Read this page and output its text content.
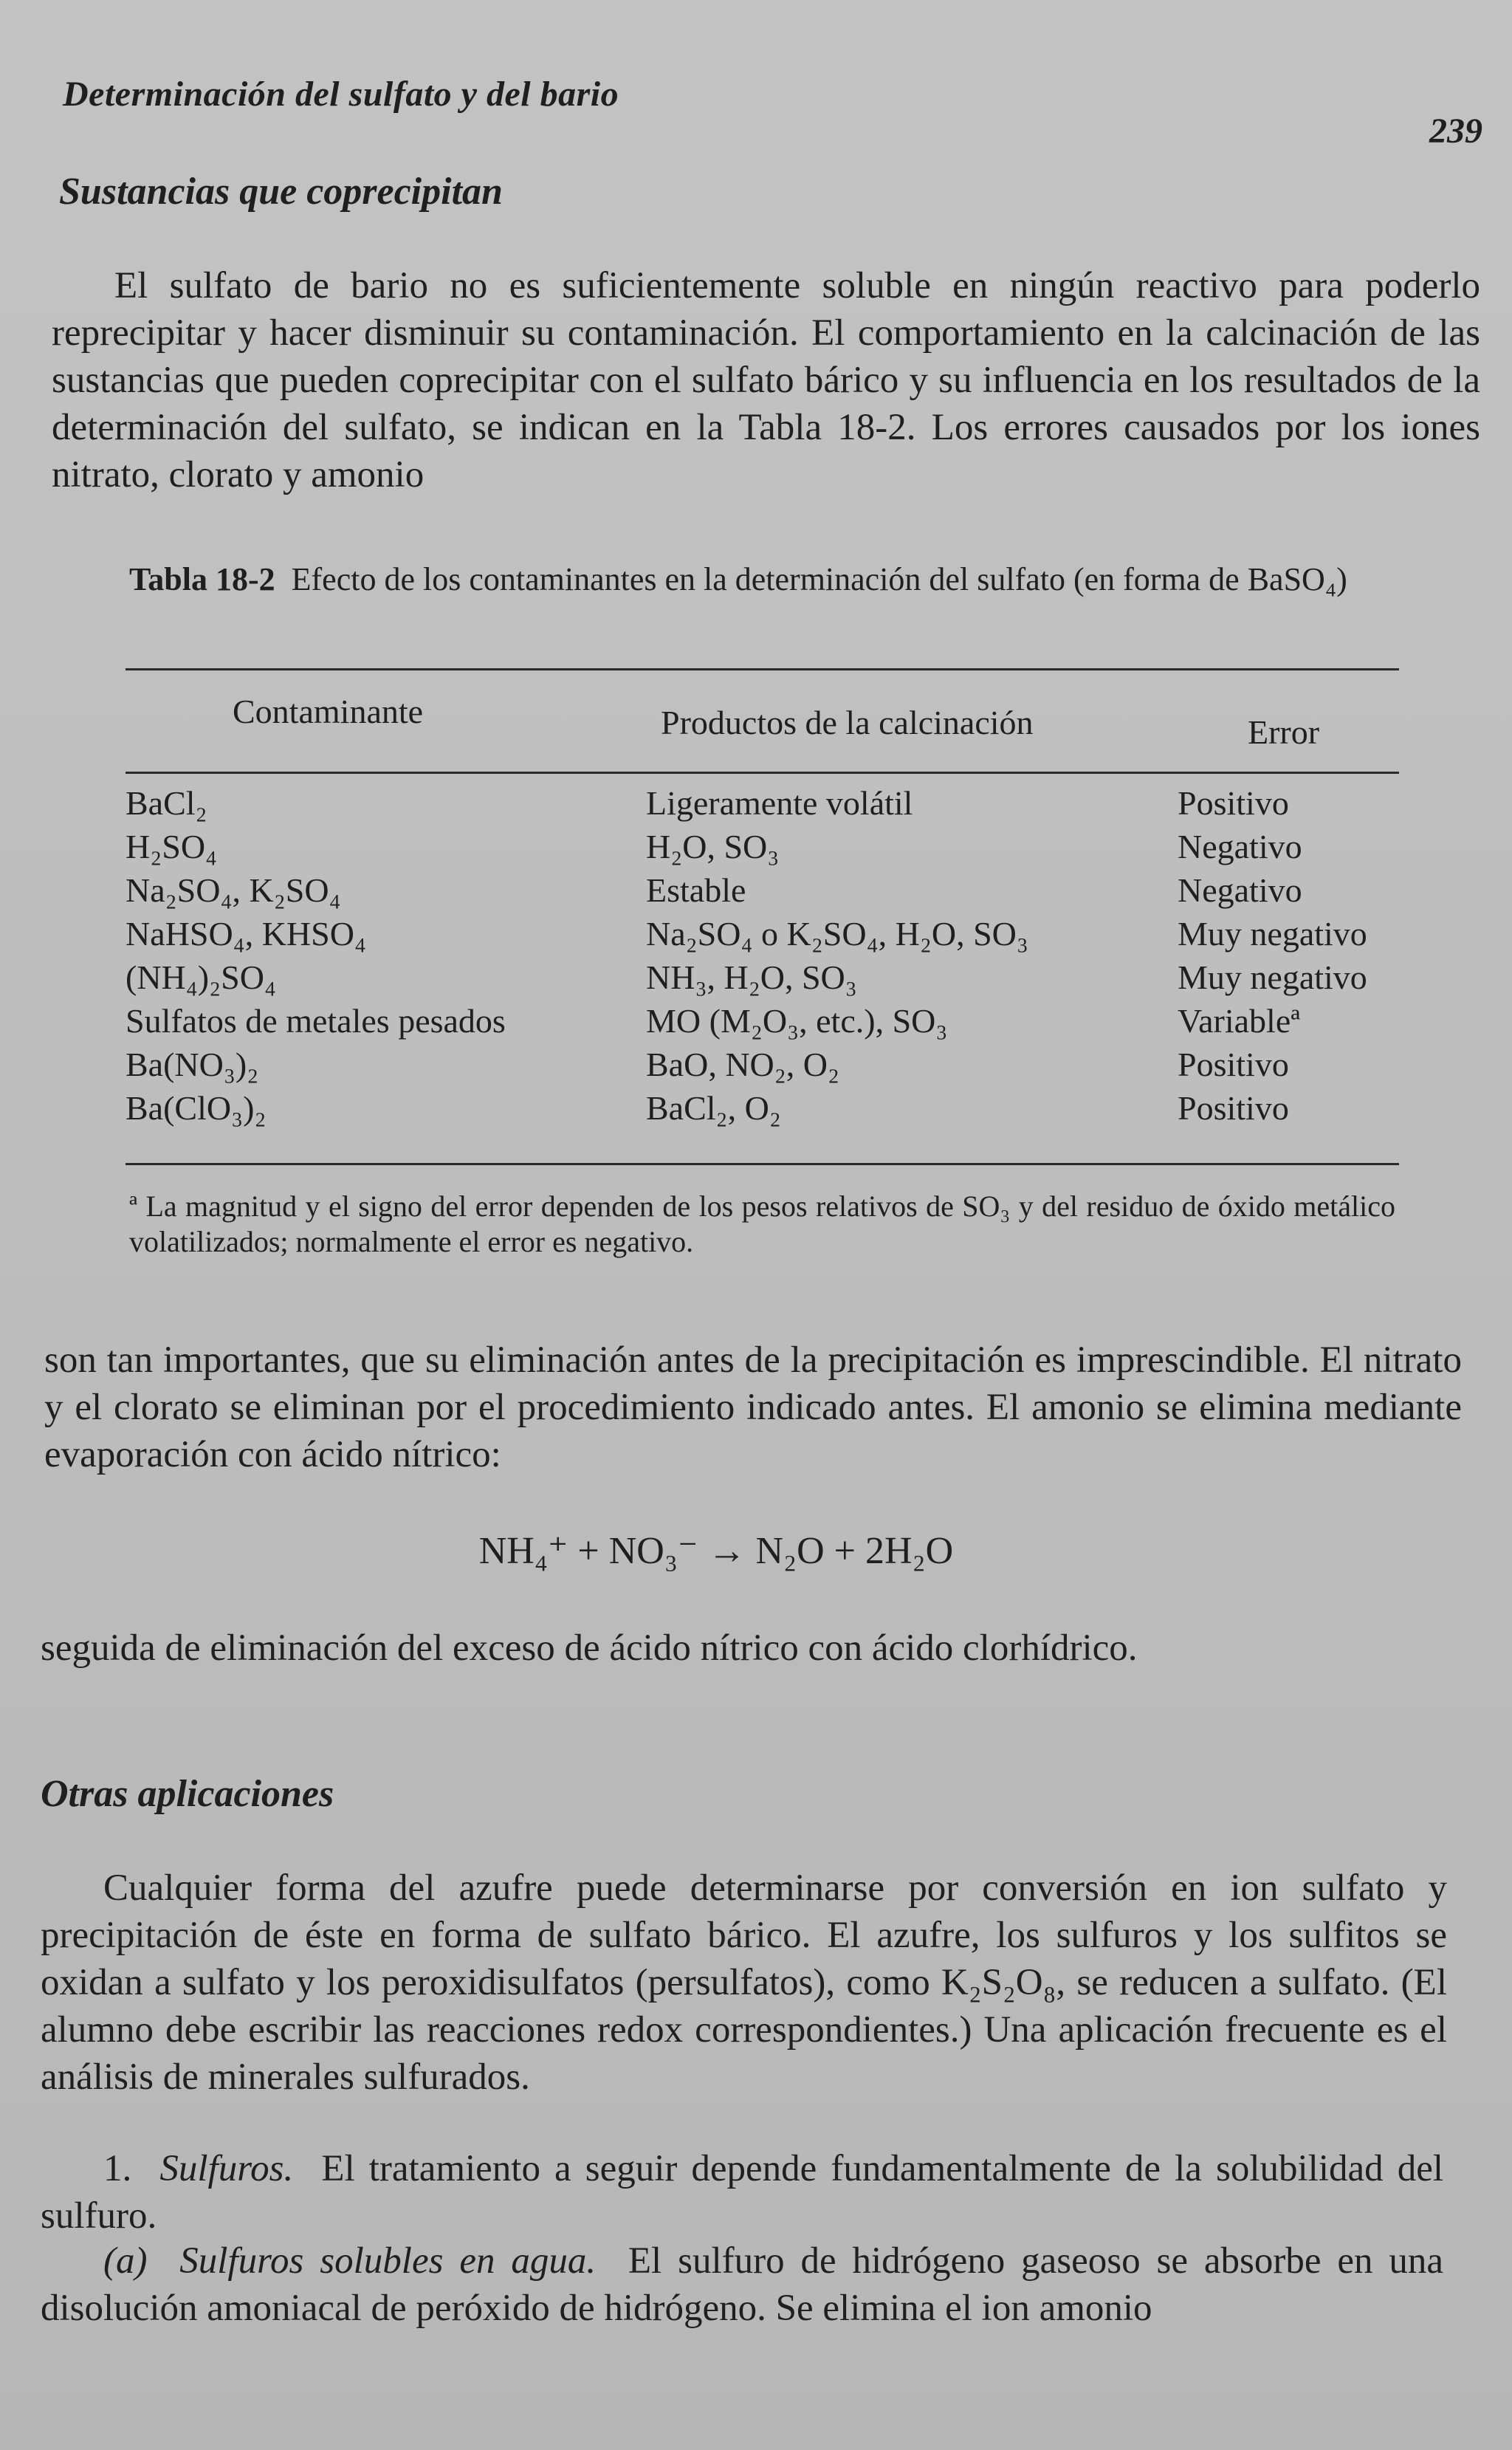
Determinación del sulfato y del bario
239
Sustancias que coprecipitan
El sulfato de bario no es suficientemente soluble en ningún reactivo para poderlo reprecipitar y hacer disminuir su contaminación. El comportamiento en la calcinación de las sustancias que pueden coprecipitar con el sulfato bárico y su influencia en los resultados de la determinación del sulfato, se indican en la Tabla 18-2. Los errores causados por los iones nitrato, clorato y amonio
Tabla 18-2 Efecto de los contaminantes en la determinación del sulfato (en forma de BaSO₄)
Contaminante	Productos de la calcinación	Error
BaCl₂	Ligeramente volátil	Positivo
H₂SO₄	H₂O, SO₃	Negativo
Na₂SO₄, K₂SO₄	Estable	Negativo
NaHSO₄, KHSO₄	Na₂SO₄ o K₂SO₄, H₂O, SO₃	Muy negativo
(NH₄)₂SO₄	NH₃, H₂O, SO₃	Muy negativo
Sulfatos de metales pesados	MO (M₂O₃, etc.), SO₃	Variableª
Ba(NO₃)₂	BaO, NO₂, O₂	Positivo
Ba(ClO₃)₂	BaCl₂, O₂	Positivo
ª La magnitud y el signo del error dependen de los pesos relativos de SO₃ y del residuo de óxido metálico volatilizados; normalmente el error es negativo.
son tan importantes, que su eliminación antes de la precipitación es imprescindible. El nitrato y el clorato se eliminan por el procedimiento indicado antes. El amonio se elimina mediante evaporación con ácido nítrico:
NH₄⁺ + NO₃⁻ → N₂O + 2H₂O
seguida de eliminación del exceso de ácido nítrico con ácido clorhídrico.
Otras aplicaciones
Cualquier forma del azufre puede determinarse por conversión en ion sulfato y precipitación de éste en forma de sulfato bárico. El azufre, los sulfuros y los sulfitos se oxidan a sulfato y los peroxidisulfatos (persulfatos), como K₂S₂O₈, se reducen a sulfato. (El alumno debe escribir las reacciones redox correspondientes.) Una aplicación frecuente es el análisis de minerales sulfurados.
1. Sulfuros. El tratamiento a seguir depende fundamentalmente de la solubilidad del sulfuro.
(a) Sulfuros solubles en agua. El sulfuro de hidrógeno gaseoso se absorbe en una disolución amoniacal de peróxido de hidrógeno. Se elimina el ion amonio
